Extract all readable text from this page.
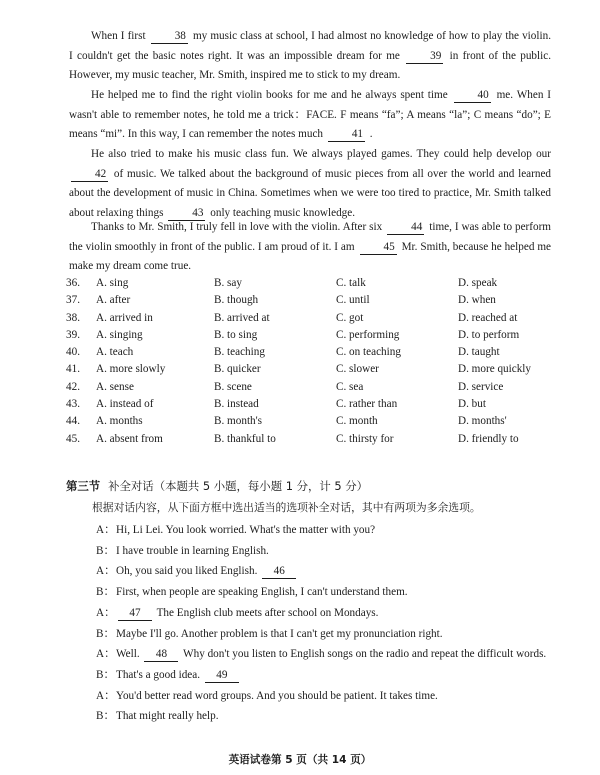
When I first 38 my music class at school, I had almost no knowledge of how to play the violin. I couldn't get the basic notes right. It was an impossible dream for me 39 in front of the public. However, my music teacher, Mr. Smith, inspired me to stick to my dream.

He helped me to find the right violin books for me and he always spent time 40 me. When I wasn't able to remember notes, he told me a trick：FACE. F means “fa”; A means “la”; C means “do”; E means “mi”. In this way, I can remember the notes much 41 .

He also tried to make his music class fun. We always played games. They could help develop our 42 of music. We talked about the background of music pieces from all over the world and learned about the development of music in China. Sometimes when we were too tired to practice, Mr. Smith talked about relaxing things 43 only teaching music knowledge.

Thanks to Mr. Smith, I truly fell in love with the violin. After six 44 time, I was able to perform the violin smoothly in front of the public. I am proud of it. I am 45 Mr. Smith, because he helped me make my dream come true.

36. A. sing	B. say	C. talk	D. speak
37. A. after	B. though	C. until	D. when
38. A. arrived in	B. arrived at	C. got	D. reached at
39. A. singing	B. to sing	C. performing	D. to perform
40. A. teach	B. teaching	C. on teaching	D. taught
41. A. more slowly	B. quicker	C. slower	D. more quickly
42. A. sense	B. scene	C. sea	D. service
43. A. instead of	B. instead	C. rather than	D. but
44. A. months	B. month's	C. month	D. months'
45. A. absent from	B. thankful to	C. thirsty for	D. friendly to

第三节 补全对话（本题共 5 小题，每小题 1 分，计 5 分）

根据对话内容，从下面方框中选出适当的选项补全对话，其中有两项为多余选项。

A： Hi, Li Lei. You look worried. What's the matter with you?

B： I have trouble in learning English.

A： Oh, you said you liked English. 46

B： First, when people are speaking English, I can't understand them.

A： 47 The English club meets after school on Mondays.

B： Maybe I'll go. Another problem is that I can't get my pronunciation right.

A： Well. 48 Why don't you listen to English songs on the radio and repeat the difficult words.

B： That's a good idea. 49

A： You'd better read word groups. And you should be patient. It takes time.

B： That might really help.

英语试卷第 5 页（共 14 页）
